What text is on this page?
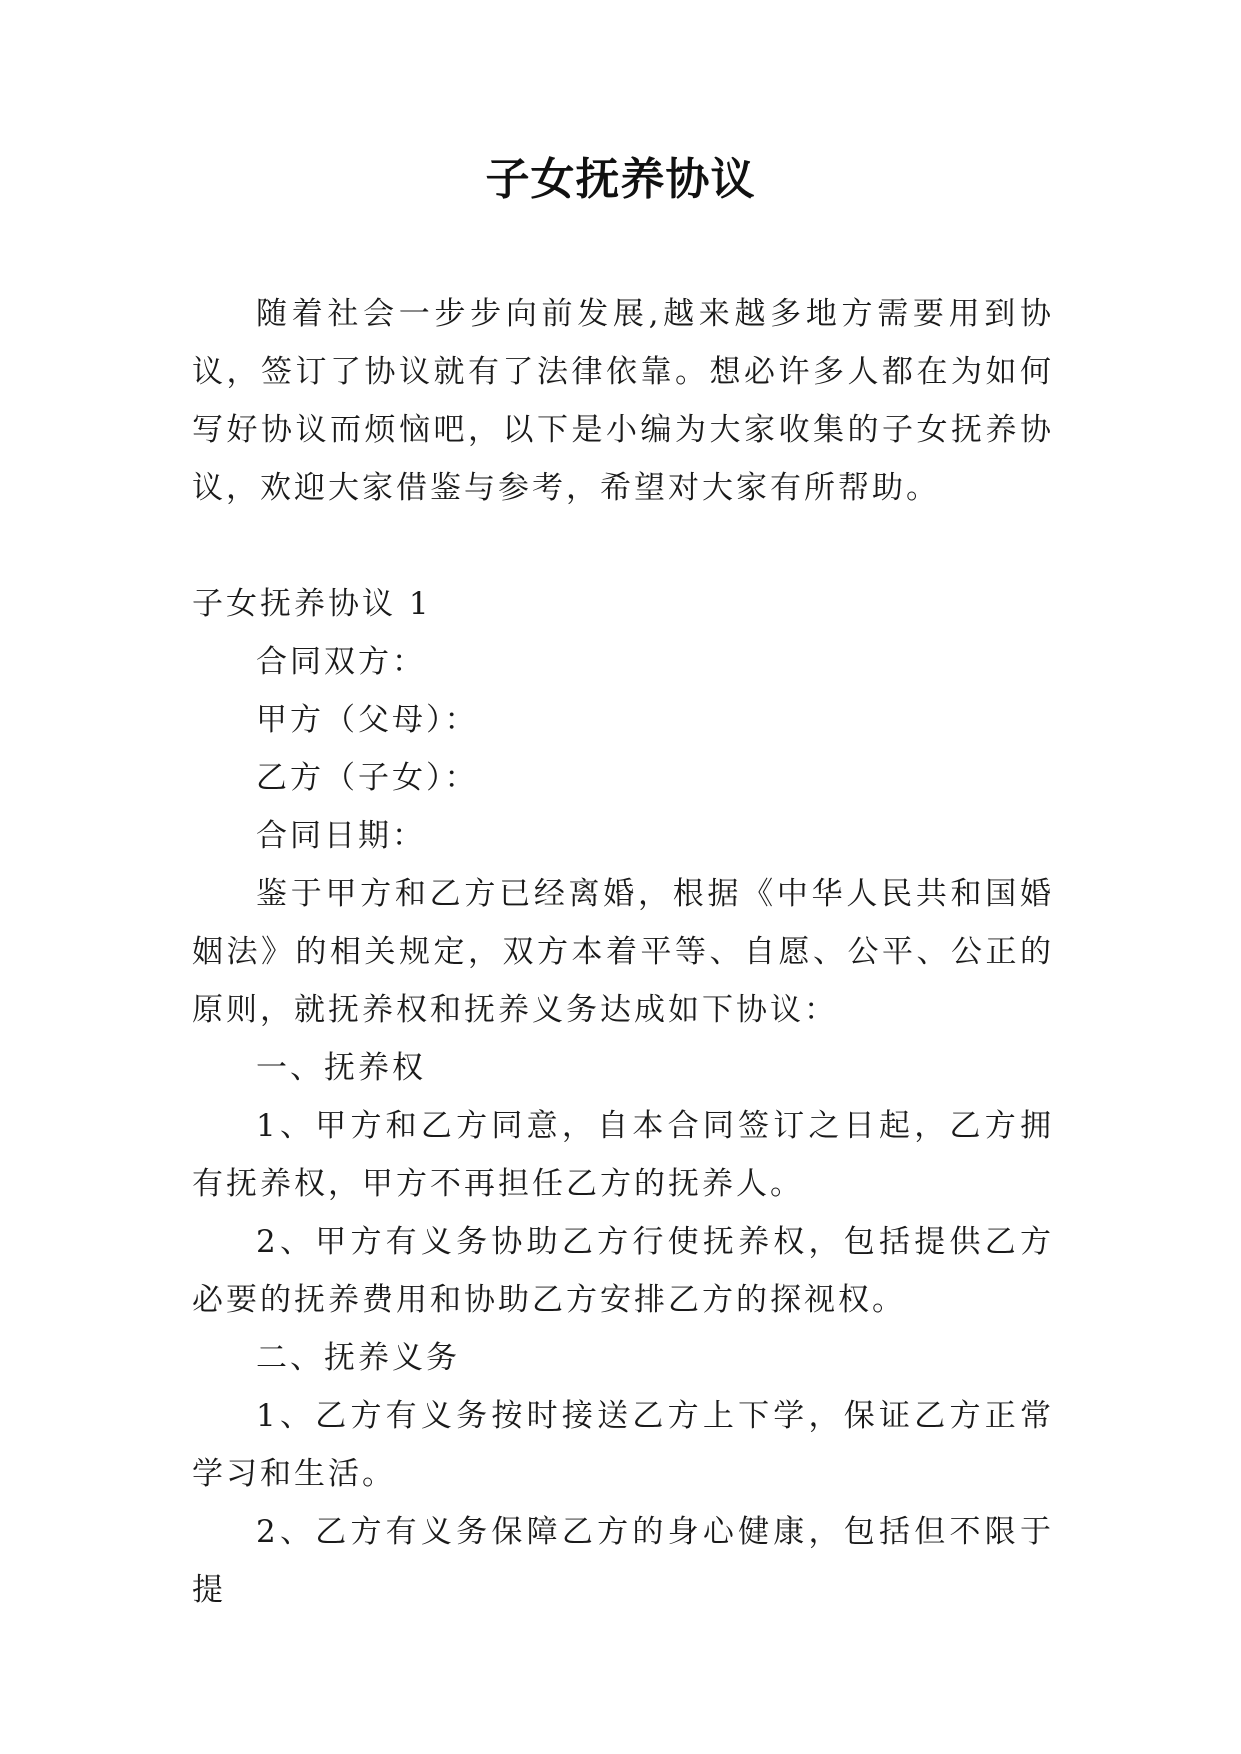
子女抚养协议

随着社会一步步向前发展,越来越多地方需要用到协议，签订了协议就有了法律依靠。想必许多人都在为如何写好协议而烦恼吧，以下是小编为大家收集的子女抚养协议，欢迎大家借鉴与参考，希望对大家有所帮助。

子女抚养协议 1

合同双方：

甲方（父母）：

乙方（子女）：

合同日期：

鉴于甲方和乙方已经离婚，根据《中华人民共和国婚姻法》的相关规定，双方本着平等、自愿、公平、公正的原则，就抚养权和抚养义务达成如下协议：

一、抚养权

1、甲方和乙方同意，自本合同签订之日起，乙方拥有抚养权，甲方不再担任乙方的抚养人。

2、甲方有义务协助乙方行使抚养权，包括提供乙方必要的抚养费用和协助乙方安排乙方的探视权。

二、抚养义务

1、乙方有义务按时接送乙方上下学，保证乙方正常学习和生活。

2、乙方有义务保障乙方的身心健康，包括但不限于提
